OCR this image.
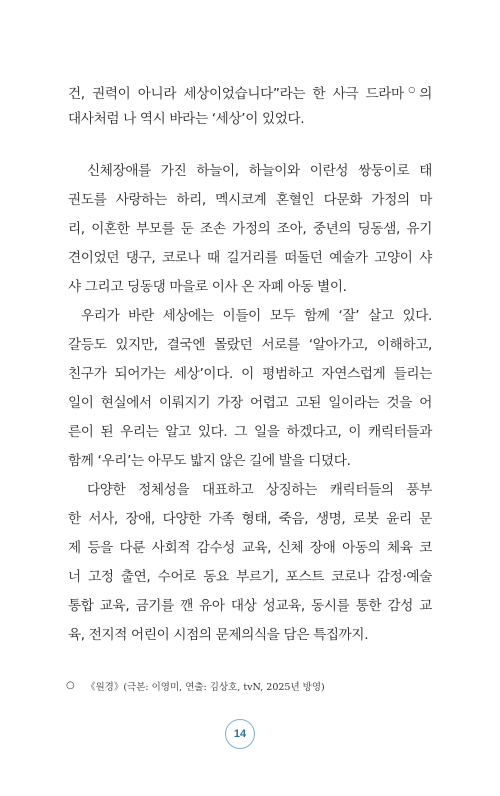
건, 권력이 아니라 세상이었습니다”라는 한 사극 드라마○의
대사처럼 나 역시 바라는 ‘세상’이 있었다.
신체장애를 가진 하늘이, 하늘이와 이란성 쌍둥이로 태
권도를 사랑하는 하리, 멕시코계 혼혈인 다문화 가정의 마
리, 이혼한 부모를 둔 조손 가정의 조아, 중년의 딩동샘, 유기
견이었던 댕구, 코로나 때 길거리를 떠돌던 예술가 고양이 샤
샤 그리고 딩동댕 마을로 이사 온 자폐 아동 별이.
우리가 바란 세상에는 이들이 모두 함께 ‘잘’ 살고 있다.
갈등도 있지만, 결국엔 몰랐던 서로를 ‘알아가고, 이해하고,
친구가 되어가는 세상’이다. 이 평범하고 자연스럽게 들리는
일이 현실에서 이뤄지기 가장 어렵고 고된 일이라는 것을 어
른이 된 우리는 알고 있다. 그 일을 하겠다고, 이 캐릭터들과
함께 ‘우리’는 아무도 밟지 않은 길에 발을 디뎠다.
다양한 정체성을 대표하고 상징하는 캐릭터들의 풍부
한 서사, 장애, 다양한 가족 형태, 죽음, 생명, 로봇 윤리 문
제 등을 다룬 사회적 감수성 교육, 신체 장애 아동의 체육 코
너 고정 출연, 수어로 동요 부르기, 포스트 코로나 감정·예술
통합 교육, 금기를 깬 유아 대상 성교육, 동시를 통한 감성 교
육, 전지적 어린이 시점의 문제의식을 담은 특집까지.
○ 《원경》(극본: 이영미, 연출: 김상호, tvN, 2025년 방영)
14
